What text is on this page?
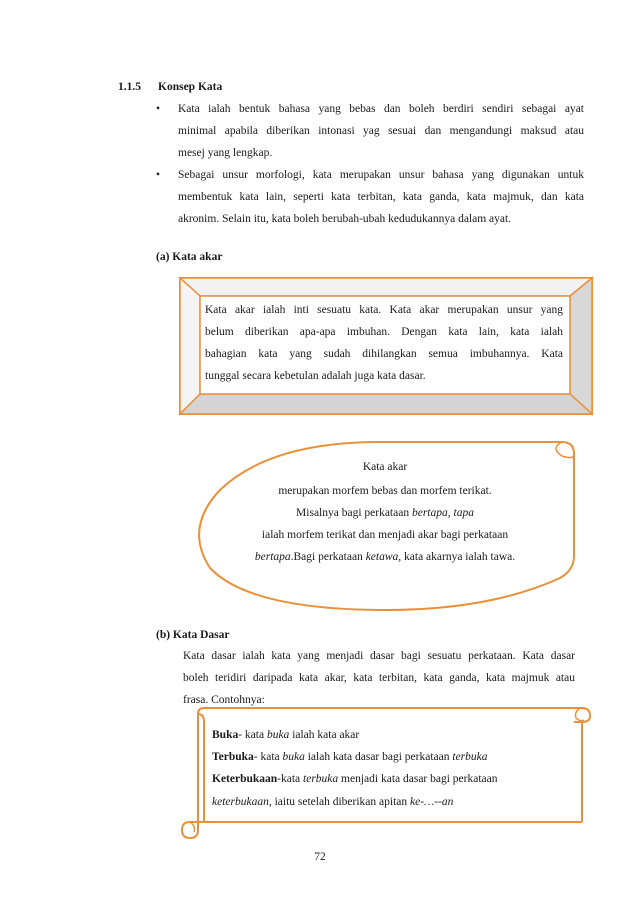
1.1.5 Konsep Kata
• Kata ialah bentuk bahasa yang bebas dan boleh berdiri sendiri sebagai ayat
minimal apabila diberikan intonasi yag sesuai dan mengandungi maksud atau
mesej yang lengkap.
• Sebagai unsur morfologi, kata merupakan unsur bahasa yang digunakan untuk
membentuk kata lain, seperti kata terbitan, kata ganda, kata majmuk, dan kata
akronim. Selain itu, kata boleh berubah-ubah kedudukannya dalam ayat.
(a) Kata akar
Kata akar ialah inti sesuatu kata. Kata akar merupakan unsur yang
belum diberikan apa-apa imbuhan. Dengan kata lain, kata ialah
bahagian kata yang sudah dihilangkan semua imbuhannya. Kata
tunggal secara kebetulan adalah juga kata dasar.
Kata akar
merupakan morfem bebas dan morfem terikat.
Misalnya bagi perkataan bertapa, tapa
ialah morfem terikat dan menjadi akar bagi perkataan
bertapa.Bagi perkataan ketawa, kata akarnya ialah tawa.
(b) Kata Dasar
Kata dasar ialah kata yang menjadi dasar bagi sesuatu perkataan. Kata dasar
boleh teridiri daripada kata akar, kata terbitan, kata ganda, kata majmuk atau
frasa. Contohnya:
Buka- kata buka ialah kata akar
Terbuka- kata buka ialah kata dasar bagi perkataan terbuka
Keterbukaan-kata terbuka menjadi kata dasar bagi perkataan
keterbukaan, iaitu setelah diberikan apitan ke-…--an
72
